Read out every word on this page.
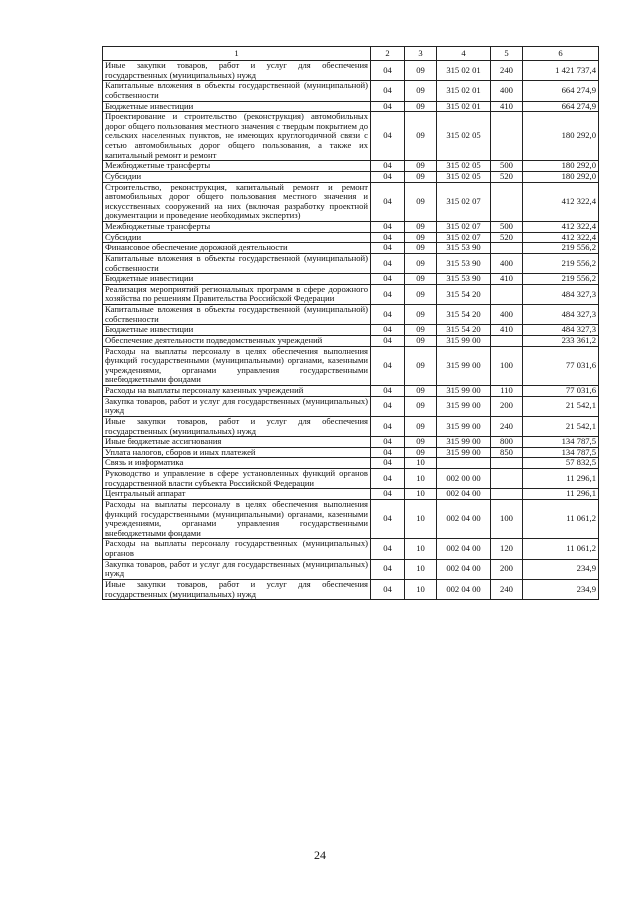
1	2	3	4	5	6
Иные закупки товаров, работ и услуг для обеспечения государственных (муниципальных) нужд	04	09	315 02 01	240	1 421 737,4
Капитальные вложения в объекты государственной (муниципальной) собственности	04	09	315 02 01	400	664 274,9
Бюджетные инвестиции	04	09	315 02 01	410	664 274,9
Проектирование и строительство (реконструкция) автомобильных дорог общего пользования местного значения с твердым покрытием до сельских населенных пунктов, не имеющих круглогодичной связи с сетью автомобильных дорог общего пользования, а также их капитальный ремонт и ремонт	04	09	315 02 05		180 292,0
Межбюджетные трансферты	04	09	315 02 05	500	180 292,0
Субсидии	04	09	315 02 05	520	180 292,0
Строительство, реконструкция, капитальный ремонт и ремонт автомобильных дорог общего пользования местного значения и искусственных сооружений на них (включая разработку проектной документации и проведение необходимых экспертиз)	04	09	315 02 07		412 322,4
Межбюджетные трансферты	04	09	315 02 07	500	412 322,4
Субсидии	04	09	315 02 07	520	412 322,4
Финансовое обеспечение дорожной деятельности	04	09	315 53 90		219 556,2
Капитальные вложения в объекты государственной (муниципальной) собственности	04	09	315 53 90	400	219 556,2
Бюджетные инвестиции	04	09	315 53 90	410	219 556,2
Реализация мероприятий региональных программ в сфере дорожного хозяйства по решениям Правительства Российской Федерации	04	09	315 54 20		484 327,3
Капитальные вложения в объекты государственной (муниципальной) собственности	04	09	315 54 20	400	484 327,3
Бюджетные инвестиции	04	09	315 54 20	410	484 327,3
Обеспечение деятельности подведомственных учреждений	04	09	315 99 00		233 361,2
Расходы на выплаты персоналу в целях обеспечения выполнения функций государственными (муниципальными) органами, казенными учреждениями, органами управления государственными внебюджетными фондами	04	09	315 99 00	100	77 031,6
Расходы на выплаты персоналу казенных учреждений	04	09	315 99 00	110	77 031,6
Закупка товаров, работ и услуг для государственных (муниципальных) нужд	04	09	315 99 00	200	21 542,1
Иные закупки товаров, работ и услуг для обеспечения государственных (муниципальных) нужд	04	09	315 99 00	240	21 542,1
Иные бюджетные ассигнования	04	09	315 99 00	800	134 787,5
Уплата налогов, сборов и иных платежей	04	09	315 99 00	850	134 787,5
Связь и информатика	04	10			57 832,5
Руководство и управление в сфере установленных функций органов государственной власти субъекта Российской Федерации	04	10	002 00 00		11 296,1
Центральный аппарат	04	10	002 04 00		11 296,1
Расходы на выплаты персоналу в целях обеспечения выполнения функций государственными (муниципальными) органами, казенными учреждениями, органами управления государственными внебюджетными фондами	04	10	002 04 00	100	11 061,2
Расходы на выплаты персоналу государственных (муниципальных) органов	04	10	002 04 00	120	11 061,2
Закупка товаров, работ и услуг для государственных (муниципальных) нужд	04	10	002 04 00	200	234,9
Иные закупки товаров, работ и услуг для обеспечения государственных (муниципальных) нужд	04	10	002 04 00	240	234,9
24
